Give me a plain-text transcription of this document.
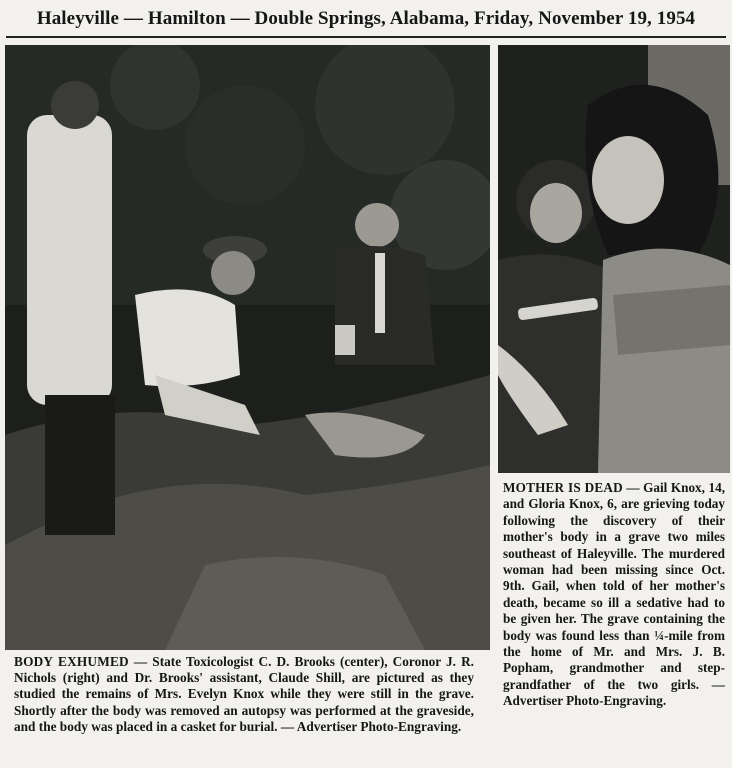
Haleyville — Hamilton — Double Springs, Alabama, Friday, November 19, 1954
BODY EXHUMED — State Toxicologist C. D. Brooks (center), Coronor J. R. Nichols (right) and Dr. Brooks' assistant, Claude Shill, are pictured as they studied the remains of Mrs. Evelyn Knox while they were still in the grave. Shortly after the body was removed an autopsy was performed at the graveside, and the body was placed in a casket for burial. — Advertiser Photo-Engraving.
MOTHER IS DEAD — Gail Knox, 14, and Gloria Knox, 6, are grieving today following the discovery of their mother's body in a grave two miles southeast of Haleyville. The murdered woman had been missing since Oct. 9th. Gail, when told of her mother's death, became so ill a sedative had to be given her. The grave containing the body was found less than ¼-mile from the home of Mr. and Mrs. J. B. Popham, grandmother and step-grandfather of the two girls. — Advertiser Photo-Engraving.
